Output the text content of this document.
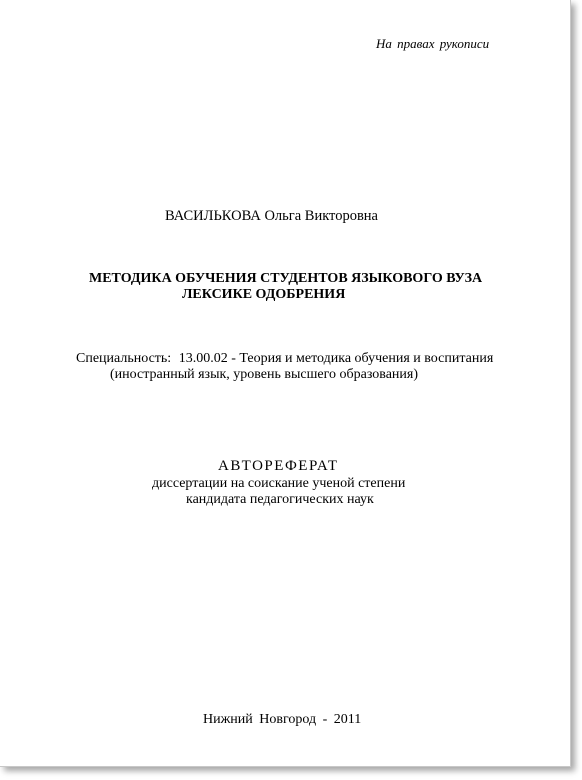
На правах рукописи
ВАСИЛЬКОВА Ольга Викторовна
МЕТОДИКА ОБУЧЕНИЯ СТУДЕНТОВ ЯЗЫКОВОГО ВУЗА
ЛЕКСИКЕ ОДОБРЕНИЯ
Специальность: 13.00.02 - Теория и методика обучения и воспитания
(иностранный язык, уровень высшего образования)
АВТОРЕФЕРАТ
диссертации на соискание ученой степени
кандидата педагогических наук
Нижний Новгород - 2011
